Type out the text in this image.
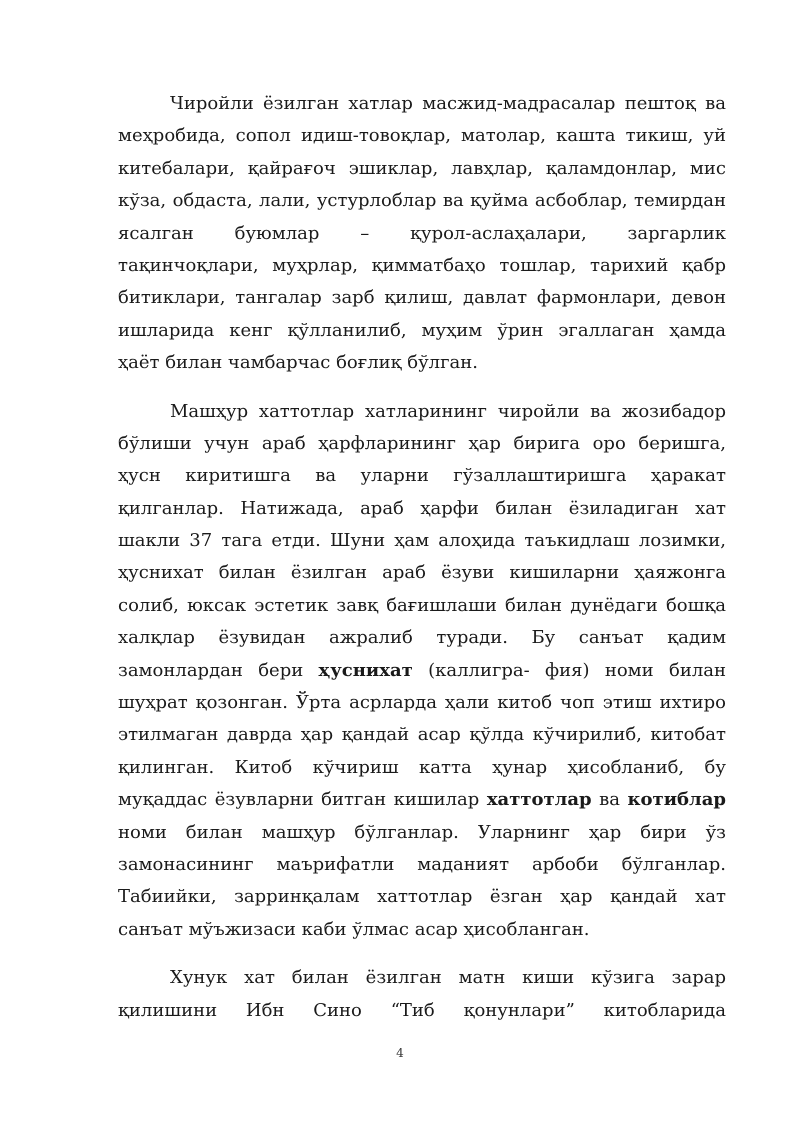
Чиройли ёзилган хатлар масжид-мадрасалар пештоқ ва
меҳробида, сопол идиш-товоқлар, матолар, кашта тикиш, уй
китебалари, қайрағоч эшиклар, лавҳлар, қаламдонлар, мис
кўза, обдаста, лали, устурлоблар ва қуйма асбоблар, темирдан
ясалган буюмлар – қурол-аслаҳалари, заргарлик
тақинчоқлари, муҳрлар, қимматбаҳо тошлар, тарихий қабр
битиклари, тангалар зарб қилиш, давлат фармонлари, девон
ишларида кенг қўлланилиб, муҳим ўрин эгаллаган ҳамда
ҳаёт билан чамбарчас боғлиқ бўлган.
Машҳур хаттотлар хатларининг чиройли ва жозибадор
бўлиши учун араб ҳарфларининг ҳар бирига оро беришга,
ҳусн киритишга ва уларни гўзаллаштиришга ҳаракат
қилганлар. Натижада, араб ҳарфи билан ёзиладиган хат
шакли 37 тага етди. Шуни ҳам алоҳида таъкидлаш лозимки,
ҳуснихат билан ёзилган араб ёзуви кишиларни ҳаяжонга
солиб, юксак эстетик завқ бағишлаши билан дунёдаги бошқа
халқлар ёзувидан ажралиб туради. Бу санъат қадим
замонлардан бери ҳуснихат (каллигра- фия) номи билан
шуҳрат қозонган. Ўрта асрларда ҳали китоб чоп этиш ихтиро
этилмаган даврда ҳар қандай асар қўлда кўчирилиб, китобат
қилинган. Китоб кўчириш катта ҳунар ҳисобланиб, бу
муқаддас ёзувларни битган кишилар хаттотлар ва котиблар
номи билан машҳур бўлганлар. Уларнинг ҳар бири ўз
замонасининг маърифатли маданият арбоби бўлганлар.
Табиийки, зарринқалам хаттотлар ёзган ҳар қандай хат
санъат мўъжизаси каби ўлмас асар ҳисобланган.
Хунук хат билан ёзилган матн киши кўзига зарар
қилишини Ибн Сино “Тиб қонунлари” китобларида
4
